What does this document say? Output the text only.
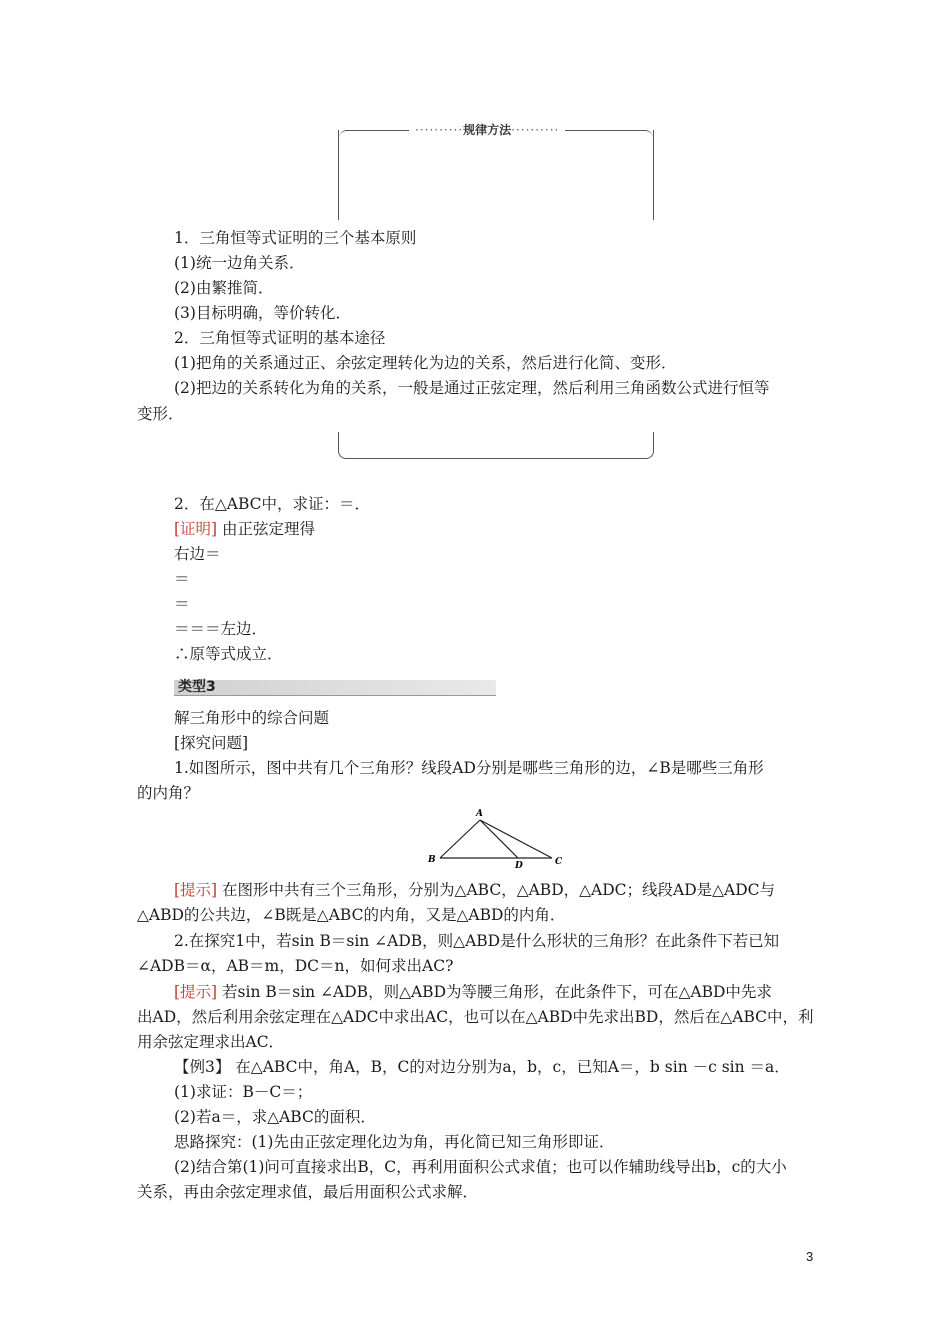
··········规律方法··········
1．三角恒等式证明的三个基本原则
(1)统一边角关系．
(2)由繁推简．
(3)目标明确，等价转化．
2．三角恒等式证明的基本途径
(1)把角的关系通过正、余弦定理转化为边的关系，然后进行化简、变形．
(2)把边的关系转化为角的关系，一般是通过正弦定理，然后利用三角函数公式进行恒等
变形．
2．在△ABC中，求证：＝．
[证明] 由正弦定理得
右边＝
＝
＝
＝＝＝左边．
∴原等式成立．
类型3
解三角形中的综合问题
[探究问题]
1.如图所示，图中共有几个三角形？线段AD分别是哪些三角形的边，∠B是哪些三角形
的内角？
A
B	C
D
[提示] 在图形中共有三个三角形，分别为△ABC，△ABD，△ADC；线段AD是△ADC与
△ABD的公共边，∠B既是△ABC的内角，又是△ABD的内角．
2.在探究1中，若sin B＝sin ∠ADB，则△ABD是什么形状的三角形？在此条件下若已知
∠ADB＝α，AB＝m，DC＝n，如何求出AC?
[提示] 若sin B＝sin ∠ADB，则△ABD为等腰三角形，在此条件下，可在△ABD中先求
出AD，然后利用余弦定理在△ADC中求出AC，也可以在△ABD中先求出BD，然后在△ABC中，利
用余弦定理求出AC．
【例3】 在△ABC中，角A，B，C的对边分别为a，b，c，已知A＝，b sin －c sin ＝a．
(1)求证：B－C＝；
(2)若a＝，求△ABC的面积．
思路探究：(1)先由正弦定理化边为角，再化简已知三角形即证．
(2)结合第(1)问可直接求出B，C，再利用面积公式求值；也可以作辅助线导出b，c的大小
关系，再由余弦定理求值，最后用面积公式求解．
3
